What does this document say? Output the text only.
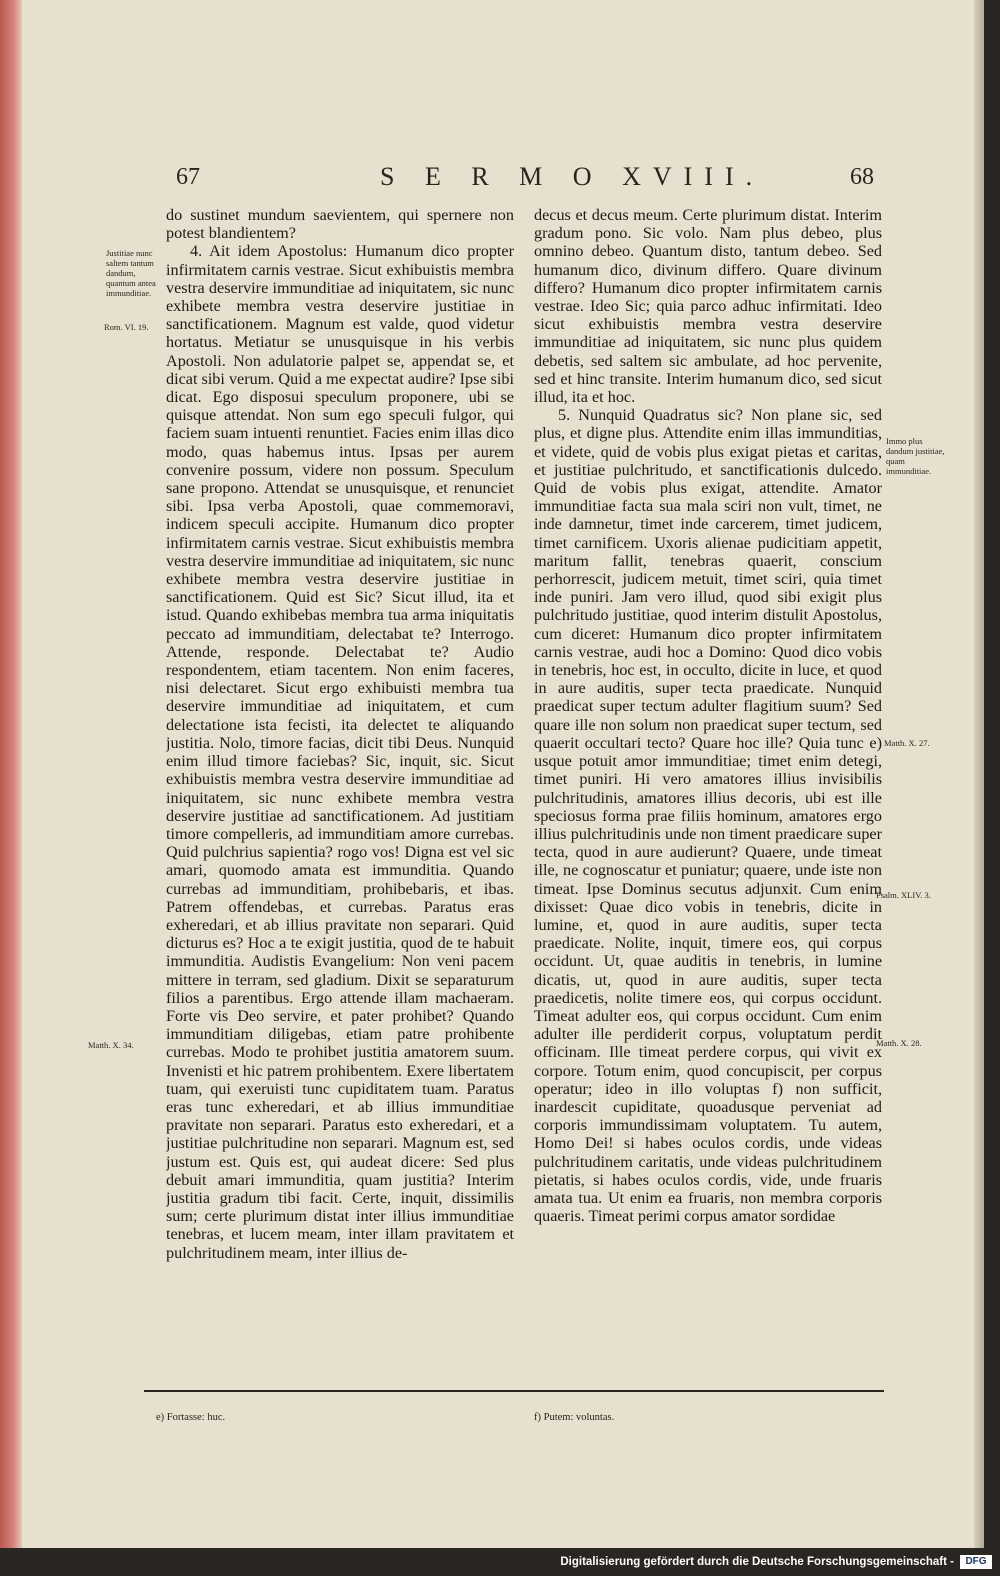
67	S E R M O XVIII.	68
Justitiae nunc saltem tantum dandum, quantum antea immunditiae.
Rom. VI. 19.
Matth. X. 34.
Immo plus dandum justitiae, quam immunditiae.
Matth. X. 27.
Psalm. XLIV. 3.
Matth. X. 28.

do sustinet mundum saevientem, qui spernere non potest blandientem?

4. Ait idem Apostolus: Humanum dico propter infirmitatem carnis vestrae. Sicut exhibuistis membra vestra deservire immunditiae ad iniquitatem, sic nunc exhibete membra vestra deservire justitiae in sanctificationem. Magnum est valde, quod videtur hortatus. Metiatur se unusquisque in his verbis Apostoli. Non adulatorie palpet se, appendat se, et dicat sibi verum. Quid a me expectat audire? Ipse sibi dicat. Ego disposui speculum proponere, ubi se quisque attendat. Non sum ego speculi fulgor, qui faciem suam intuenti renuntiet. Facies enim illas dico modo, quas habemus intus. Ipsas per aurem convenire possum, videre non possum. Speculum sane propono. Attendat se unusquisque, et renunciet sibi. Ipsa verba Apostoli, quae commemoravi, indicem speculi accipite. Humanum dico propter infirmitatem carnis vestrae. Sicut exhibuistis membra vestra deservire immunditiae ad iniquitatem, sic nunc exhibete membra vestra deservire justitiae in sanctificationem. Quid est Sic? Sicut illud, ita et istud. Quando exhibebas membra tua arma iniquitatis peccato ad immunditiam, delectabat te? Interrogo. Attende, responde. Delectabat te? Audio respondentem, etiam tacentem. Non enim faceres, nisi delectaret. Sicut ergo exhibuisti membra tua deservire immunditiae ad iniquitatem, et cum delectatione ista fecisti, ita delectet te aliquando justitia. Nolo, timore facias, dicit tibi Deus. Nunquid enim illud timore faciebas? Sic, inquit, sic. Sicut exhibuistis membra vestra deservire immunditiae ad iniquitatem, sic nunc exhibete membra vestra deservire justitiae ad sanctificationem. Ad justitiam timore compelleris, ad immunditiam amore currebas. Quid pulchrius sapientia? rogo vos! Digna est vel sic amari, quomodo amata est immunditia. Quando currebas ad immunditiam, prohibebaris, et ibas. Patrem offendebas, et currebas. Paratus eras exheredari, et ab illius pravitate non separari. Quid dicturus es? Hoc a te exigit justitia, quod de te habuit immunditia. Audistis Evangelium: Non veni pacem mittere in terram, sed gladium. Dixit se separaturum filios a parentibus. Ergo attende illam machaeram. Forte vis Deo servire, et pater prohibet? Quando immunditiam diligebas, etiam patre prohibente currebas. Modo te prohibet justitia amatorem suum. Invenisti et hic patrem prohibentem. Exere libertatem tuam, qui exeruisti tunc cupiditatem tuam. Paratus eras tunc exheredari, et ab illius immunditiae pravitate non separari. Paratus esto exheredari, et a justitiae pulchritudine non separari. Magnum est, sed justum est. Quis est, qui audeat dicere: Sed plus debuit amari immunditia, quam justitia? Interim justitia gradum tibi facit. Certe, inquit, dissimilis sum; certe plurimum distat inter illius immunditiae tenebras, et lucem meam, inter illam pravitatem et pulchritudinem meam, inter illius de-

decus et decus meum. Certe plurimum distat. Interim gradum pono. Sic volo. Nam plus debeo, plus omnino debeo. Quantum disto, tantum debeo. Sed humanum dico, divinum differo. Quare divinum differo? Humanum dico propter infirmitatem carnis vestrae. Ideo Sic; quia parco adhuc infirmitati. Ideo sicut exhibuistis membra vestra deservire immunditiae ad iniquitatem, sic nunc plus quidem debetis, sed saltem sic ambulate, ad hoc pervenite, sed et hinc transite. Interim humanum dico, sed sicut illud, ita et hoc.

5. Nunquid Quadratus sic? Non plane sic, sed plus, et digne plus. Attendite enim illas immunditias, et videte, quid de vobis plus exigat pietas et caritas, et justitiae pulchritudo, et sanctificationis dulcedo. Quid de vobis plus exigat, attendite. Amator immunditiae facta sua mala sciri non vult, timet, ne inde damnetur, timet inde carcerem, timet judicem, timet carnificem. Uxoris alienae pudicitiam appetit, maritum fallit, tenebras quaerit, conscium perhorrescit, judicem metuit, timet sciri, quia timet inde puniri. Jam vero illud, quod sibi exigit plus pulchritudo justitiae, quod interim distulit Apostolus, cum diceret: Humanum dico propter infirmitatem carnis vestrae, audi hoc a Domino: Quod dico vobis in tenebris, hoc est, in occulto, dicite in luce, et quod in aure auditis, super tecta praedicate. Nunquid praedicat super tectum adulter flagitium suum? Sed quare ille non solum non praedicat super tectum, sed quaerit occultari tecto? Quare hoc ille? Quia tunc e) usque potuit amor immunditiae; timet enim detegi, timet puniri. Hi vero amatores illius invisibilis pulchritudinis, amatores illius decoris, ubi est ille speciosus forma prae filiis hominum, amatores ergo illius pulchritudinis unde non timent praedicare super tecta, quod in aure audierunt? Quaere, unde timeat ille, ne cognoscatur et puniatur; quaere, unde iste non timeat. Ipse Dominus secutus adjunxit. Cum enim dixisset: Quae dico vobis in tenebris, dicite in lumine, et, quod in aure auditis, super tecta praedicate. Nolite, inquit, timere eos, qui corpus occidunt. Ut, quae auditis in tenebris, in lumine dicatis, ut, quod in aure auditis, super tecta praedicetis, nolite timere eos, qui corpus occidunt. Timeat adulter eos, qui corpus occidunt. Cum enim adulter ille perdiderit corpus, voluptatum perdit officinam. Ille timeat perdere corpus, qui vivit ex corpore. Totum enim, quod concupiscit, per corpus operatur; ideo in illo voluptas f) non sufficit, inardescit cupiditate, quoadusque perveniat ad corporis immundissimam voluptatem. Tu autem, Homo Dei! si habes oculos cordis, unde videas pulchritudinem caritatis, unde videas pulchritudinem pietatis, si habes oculos cordis, vide, unde fruaris amata tua. Ut enim ea fruaris, non membra corporis quaeris. Timeat perimi corpus amator sordidae

e) Fortasse: huc.	f) Putem: voluntas.
Digitalisierung gefördert durch die Deutsche Forschungsgemeinschaft -	DFG
